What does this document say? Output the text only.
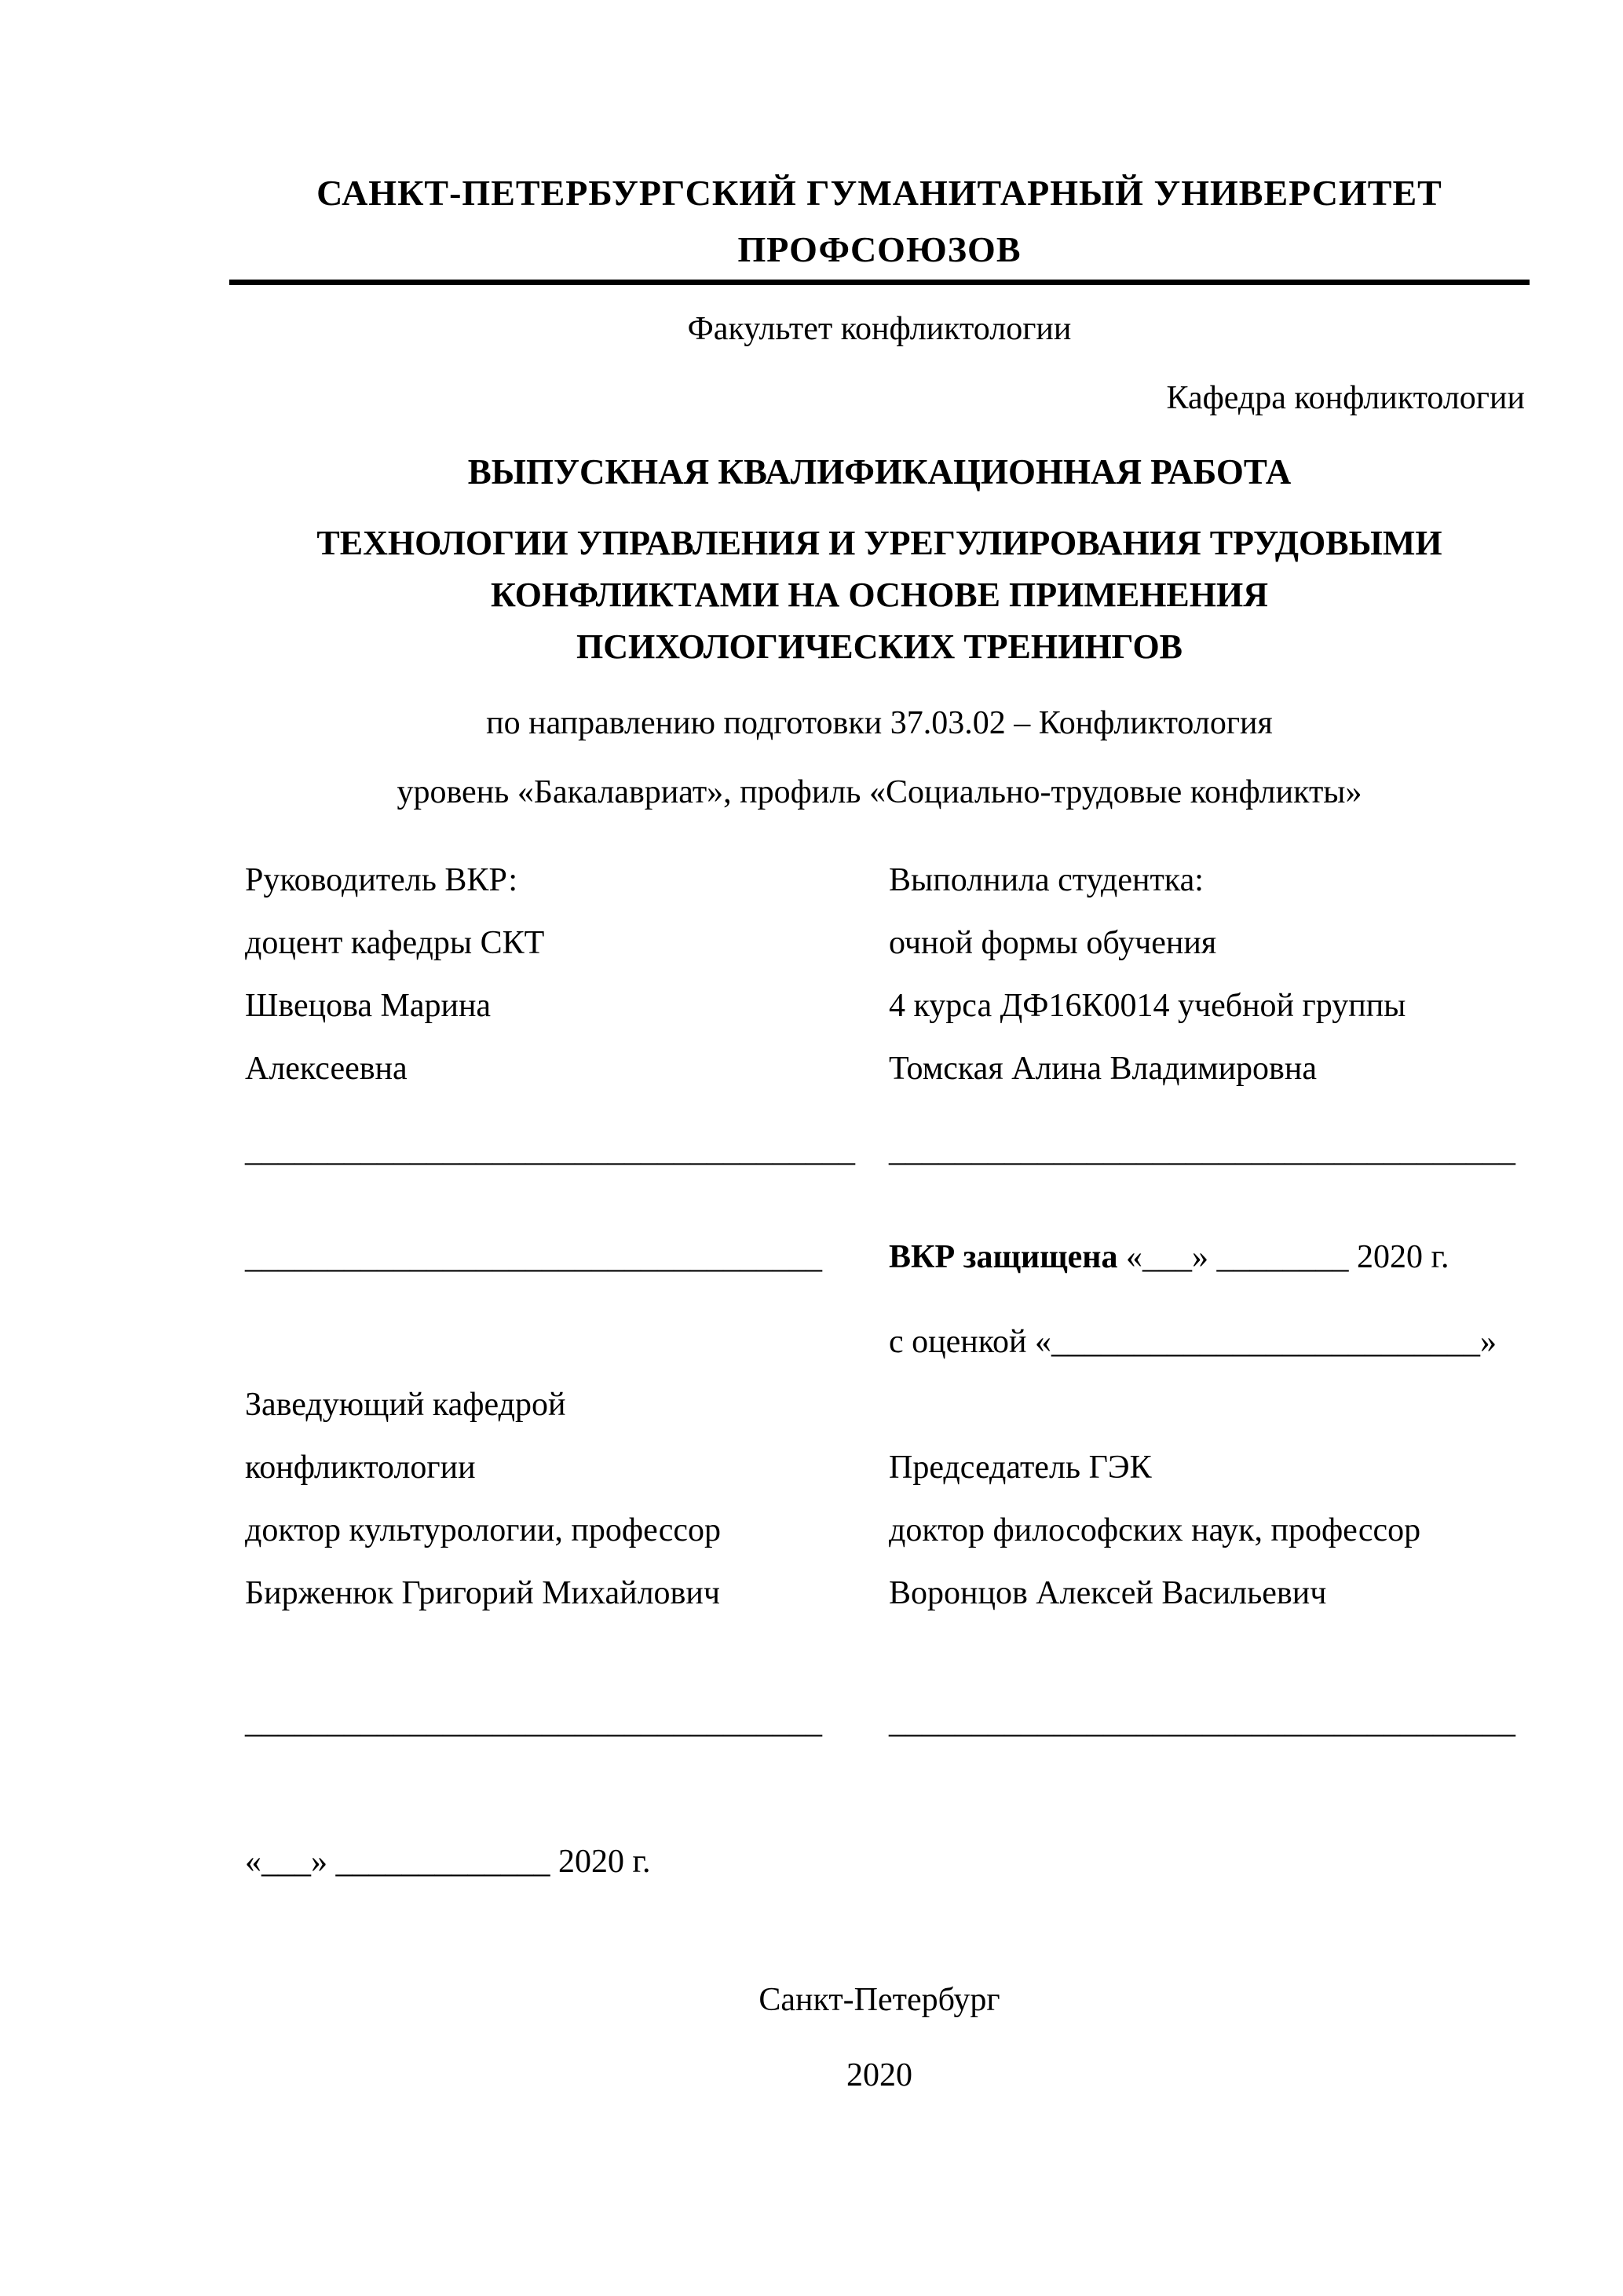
САНКТ-ПЕТЕРБУРГСКИЙ ГУМАНИТАРНЫЙ УНИВЕРСИТЕТ
ПРОФСОЮЗОВ
Факультет конфликтологии
Кафедра конфликтологии
ВЫПУСКНАЯ КВАЛИФИКАЦИОННАЯ РАБОТА
ТЕХНОЛОГИИ УПРАВЛЕНИЯ И УРЕГУЛИРОВАНИЯ ТРУДОВЫМИ
КОНФЛИКТАМИ НА ОСНОВЕ ПРИМЕНЕНИЯ
ПСИХОЛОГИЧЕСКИХ ТРЕНИНГОВ
по направлению подготовки 37.03.02 – Конфликтология
уровень «Бакалавриат», профиль «Социально-трудовые конфликты»
Руководитель ВКР:	Выполнила студентка:
доцент кафедры СКТ	очной формы обучения
Швецова Марина	4 курса ДФ16К0014 учебной группы
Алексеевна	Томская Алина Владимировна
_____________________________________	______________________________________
___________________________________	ВКР защищена «___» ________ 2020 г.
с оценкой «__________________________»
Заведующий кафедрой
конфликтологии	Председатель ГЭК
доктор культурологии, профессор	доктор философских наук, профессор
Бирженюк Григорий Михайлович	Воронцов Алексей Васильевич
___________________________________	______________________________________
«___» _____________ 2020 г.
Санкт-Петербург
2020
